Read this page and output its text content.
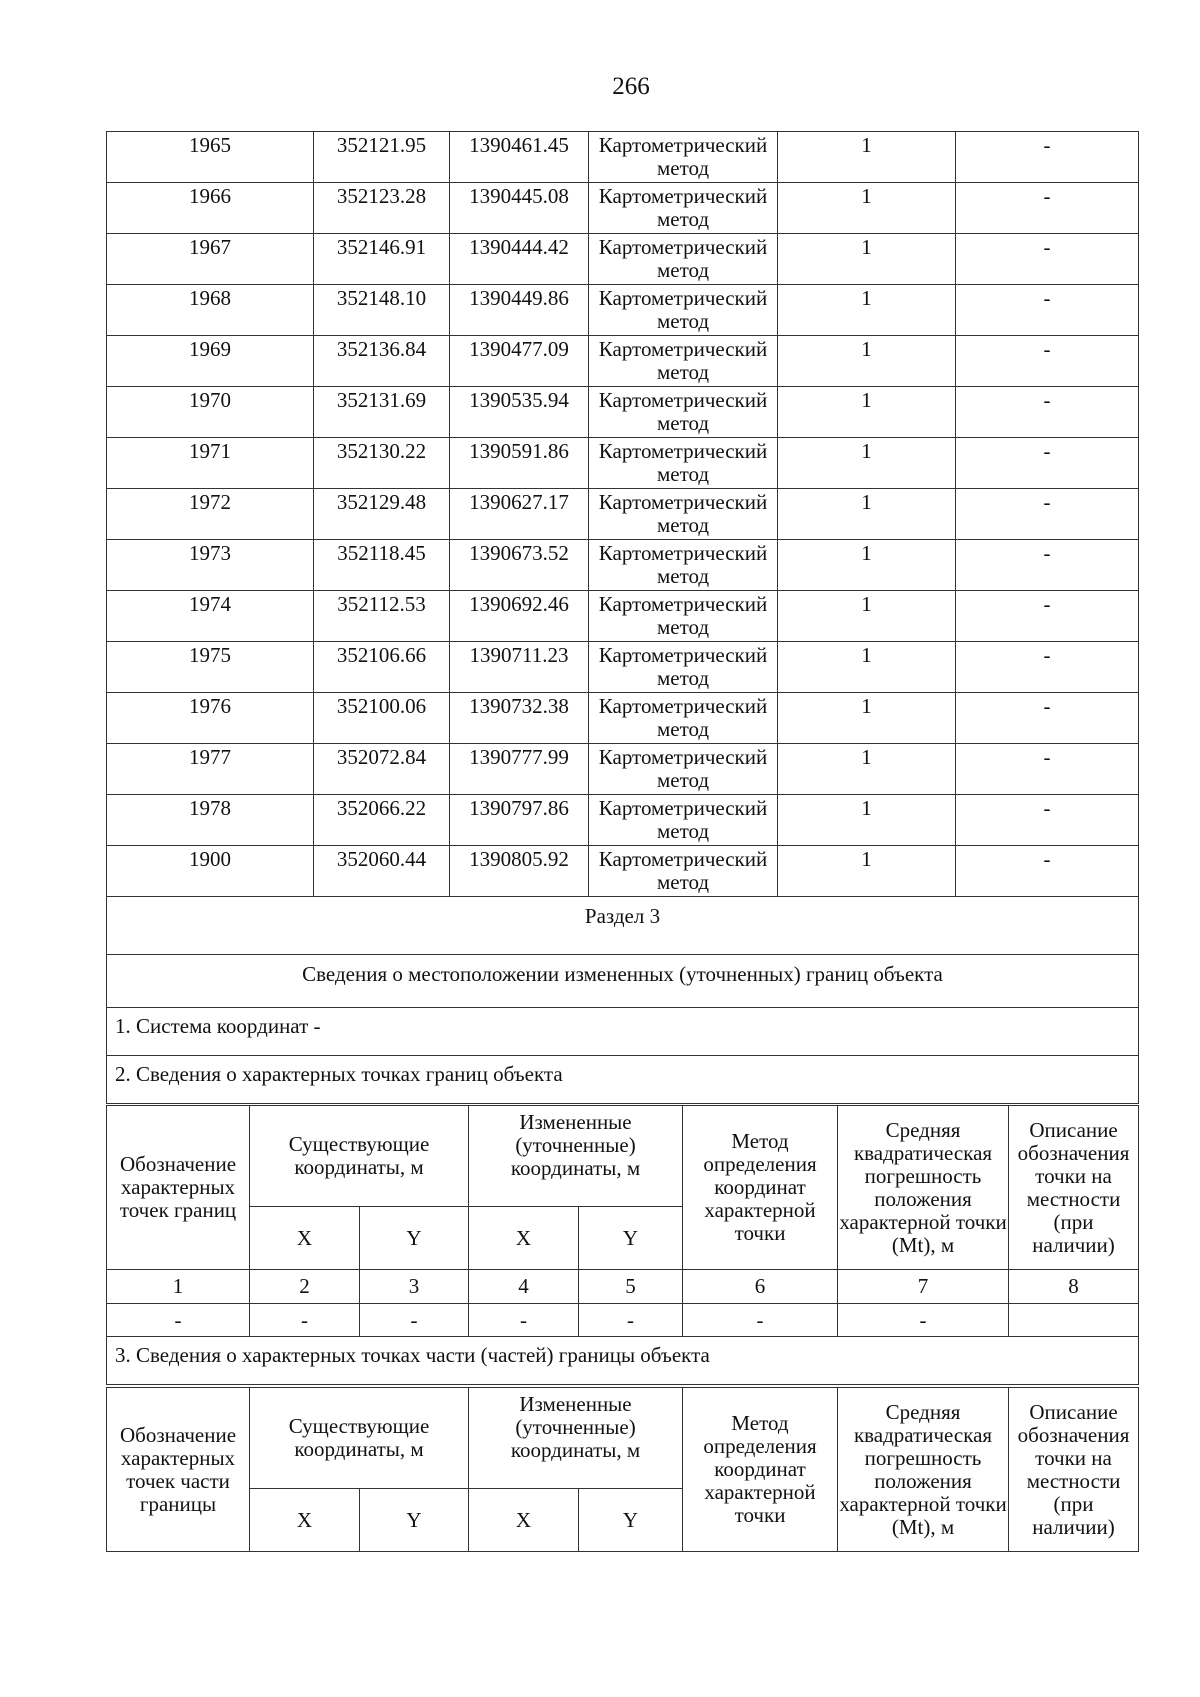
266
1965	352121.95	1390461.45	Картометрический метод	1	-
1966	352123.28	1390445.08	Картометрический метод	1	-
1967	352146.91	1390444.42	Картометрический метод	1	-
1968	352148.10	1390449.86	Картометрический метод	1	-
1969	352136.84	1390477.09	Картометрический метод	1	-
1970	352131.69	1390535.94	Картометрический метод	1	-
1971	352130.22	1390591.86	Картометрический метод	1	-
1972	352129.48	1390627.17	Картометрический метод	1	-
1973	352118.45	1390673.52	Картометрический метод	1	-
1974	352112.53	1390692.46	Картометрический метод	1	-
1975	352106.66	1390711.23	Картометрический метод	1	-
1976	352100.06	1390732.38	Картометрический метод	1	-
1977	352072.84	1390777.99	Картометрический метод	1	-
1978	352066.22	1390797.86	Картометрический метод	1	-
1900	352060.44	1390805.92	Картометрический метод	1	-
Раздел 3					
Сведения о местоположении измененных (уточненных) границ объекта					
1. Система координат -					
2. Сведения о характерных точках границ объекта					
Обозначение характерных точек границ	Существующие координаты, м		Измененные (уточненные) координаты, м		Метод определения координат характерной точки	Средняя квадратическая погрешность положения характерной точки (Mt), м	Описание обозначения точки на местности (при наличии)
	X	Y	X	Y			
1	2	3	4	5	6	7	8
-	-	-	-	-	-	-	
3. Сведения о характерных точках части (частей) границы объекта							
Обозначение характерных точек части границы	Существующие координаты, м		Измененные (уточненные) координаты, м		Метод определения координат характерной точки	Средняя квадратическая погрешность положения характерной точки (Mt), м	Описание обозначения точки на местности (при наличии)
	X	Y	X	Y			
